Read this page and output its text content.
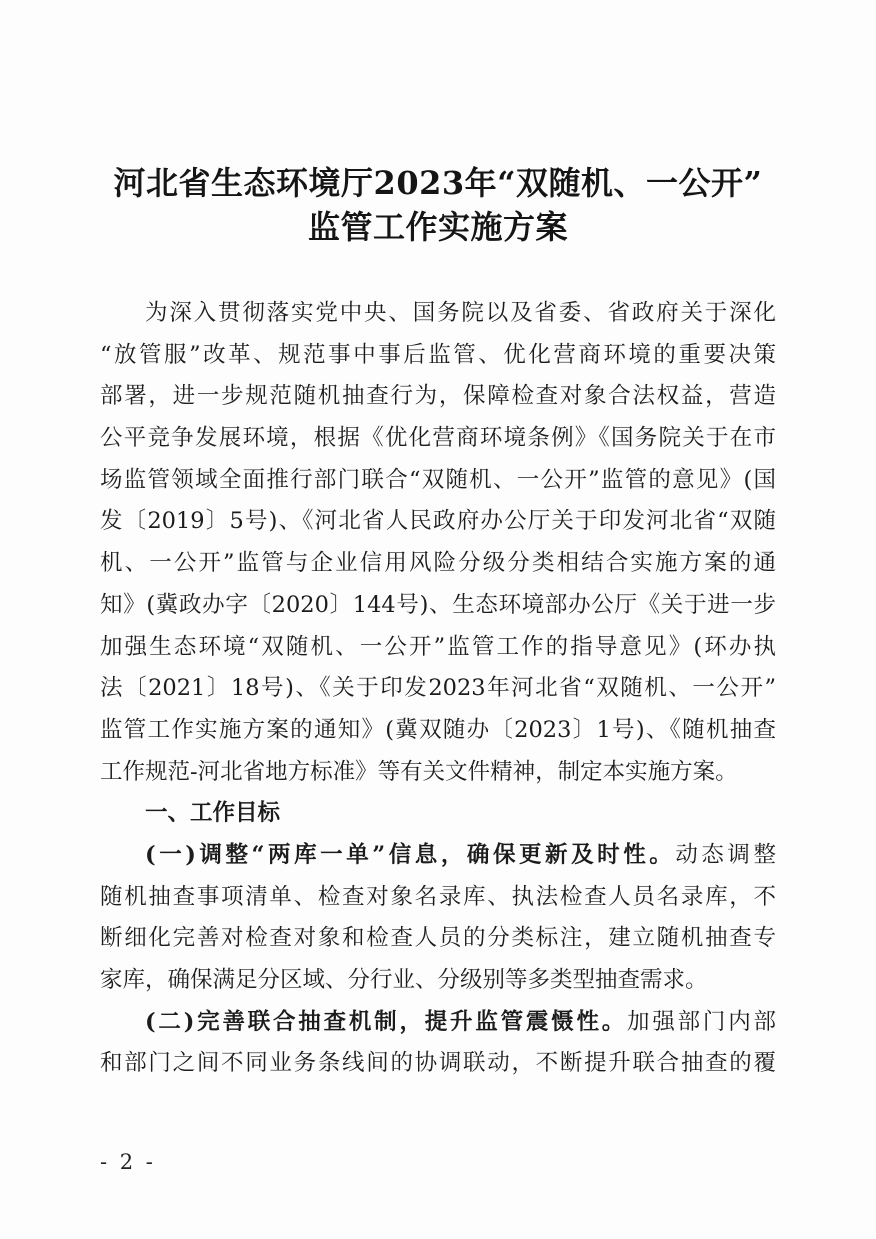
河北省生态环境厅2023年“双随机、一公开”
监管工作实施方案
为深入贯彻落实党中央、国务院以及省委、省政府关于深化
“放管服”改革、规范事中事后监管、优化营商环境的重要决策
部署，进一步规范随机抽查行为，保障检查对象合法权益，营造
公平竞争发展环境，根据《优化营商环境条例》《国务院关于在市
场监管领域全面推行部门联合“双随机、一公开”监管的意见》(国
发〔2019〕5号)、《河北省人民政府办公厅关于印发河北省“双随
机、一公开”监管与企业信用风险分级分类相结合实施方案的通
知》(冀政办字〔2020〕144号)、生态环境部办公厅《关于进一步
加强生态环境“双随机、一公开”监管工作的指导意见》(环办执
法〔2021〕18号)、《关于印发2023年河北省“双随机、一公开”
监管工作实施方案的通知》(冀双随办〔2023〕1号)、《随机抽查
工作规范-河北省地方标准》等有关文件精神，制定本实施方案。
一、工作目标
(一)调整“两库一单”信息，确保更新及时性。动态调整
随机抽查事项清单、检查对象名录库、执法检查人员名录库，不
断细化完善对检查对象和检查人员的分类标注，建立随机抽查专
家库，确保满足分区域、分行业、分级别等多类型抽查需求。
(二)完善联合抽查机制，提升监管震慑性。加强部门内部
和部门之间不同业务条线间的协调联动，不断提升联合抽查的覆
- 2 -
